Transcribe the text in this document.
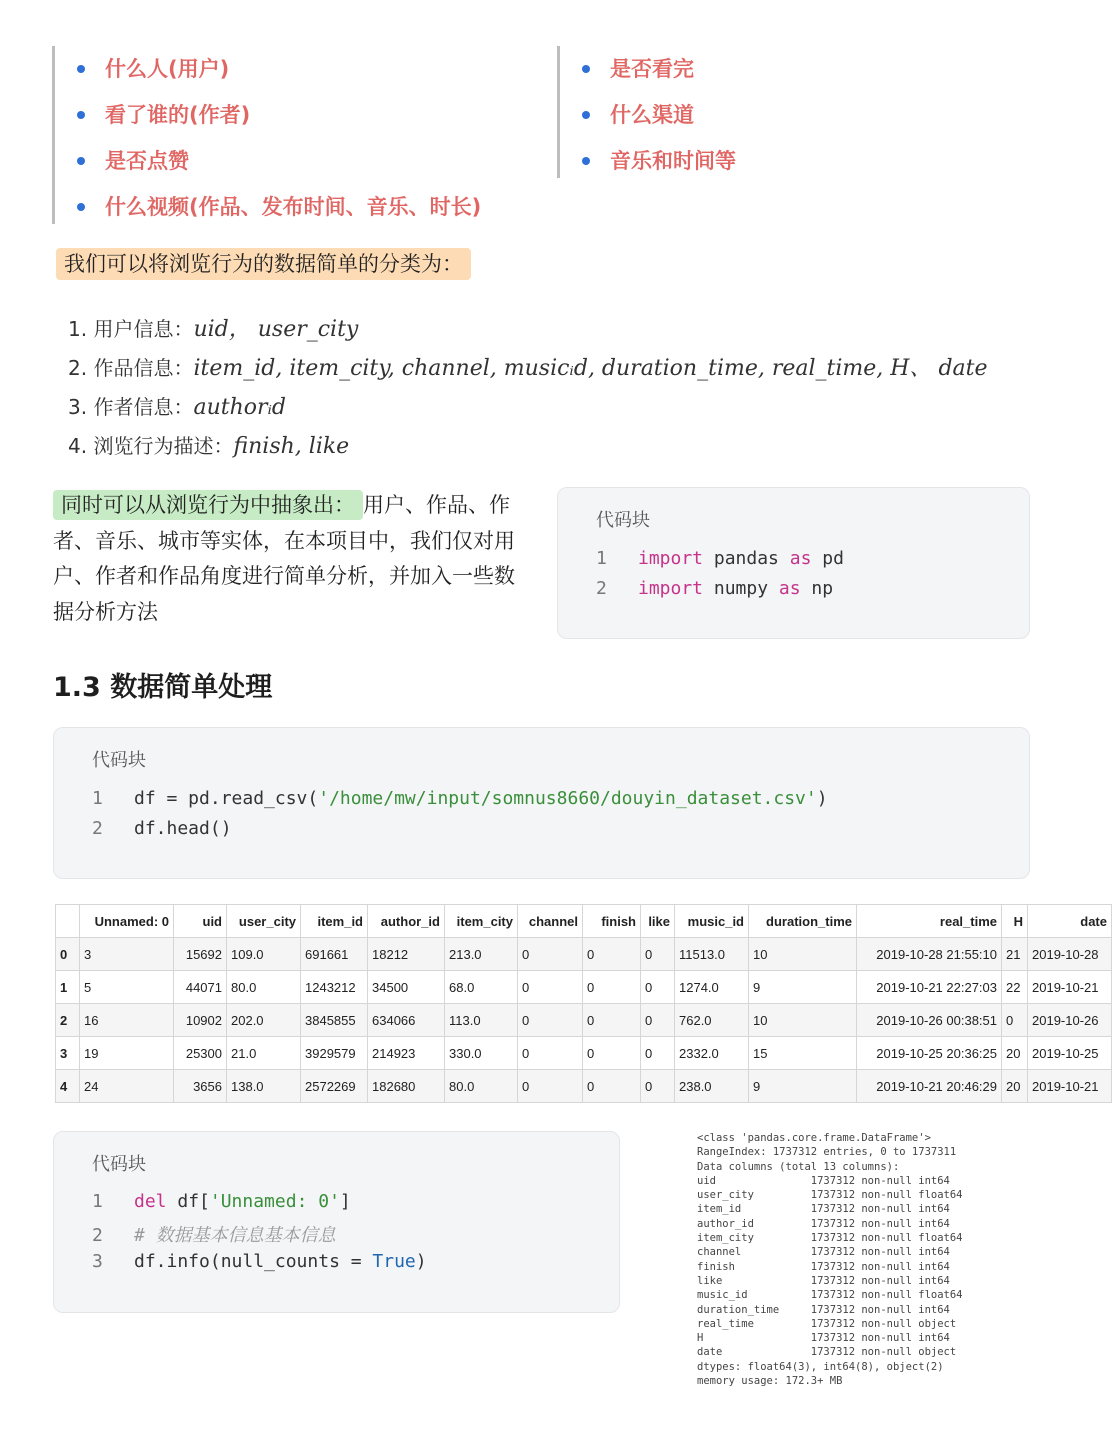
什么人(用户)
看了谁的(作者)
是否点赞
什么视频(作品、发布时间、音乐、时长)
是否看完
什么渠道
音乐和时间等
我们可以将浏览行为的数据简单的分类为：
1. 用户信息：uid， user_city
2. 作品信息：item_id, item_city, channel, musicᵢd, duration_time, real_time, H、 date
3. 作者信息：authorᵢd
4. 浏览行为描述：finish, like
同时可以从浏览行为中抽象出： 用户、作品、作者、音乐、城市等实体，在本项目中，我们仅对用户、作者和作品角度进行简单分析，并加入一些数据分析方法
代码块
1 import pandas as pd
2 import numpy as np
1.3 数据简单处理
代码块
1 df = pd.read_csv('/home/mw/input/somnus8660/douyin_dataset.csv')
2 df.head()
	Unnamed: 0	uid	user_city	item_id	author_id	item_city	channel	finish	like	music_id	duration_time	real_time	H	date
0	3	15692	109.0	691661	18212	213.0	0	0	0	11513.0	10	2019-10-28 21:55:10	21	2019-10-28
1	5	44071	80.0	1243212	34500	68.0	0	0	0	1274.0	9	2019-10-21 22:27:03	22	2019-10-21
2	16	10902	202.0	3845855	634066	113.0	0	0	0	762.0	10	2019-10-26 00:38:51	0	2019-10-26
3	19	25300	21.0	3929579	214923	330.0	0	0	0	2332.0	15	2019-10-25 20:36:25	20	2019-10-25
4	24	3656	138.0	2572269	182680	80.0	0	0	0	238.0	9	2019-10-21 20:46:29	20	2019-10-21
代码块
1 del df['Unnamed: 0']
2 # 数据基本信息基本信息
3 df.info(null_counts = True)
<class 'pandas.core.frame.DataFrame'>
RangeIndex: 1737312 entries, 0 to 1737311
Data columns (total 13 columns):
uid               1737312 non-null int64
user_city         1737312 non-null float64
item_id           1737312 non-null int64
author_id         1737312 non-null int64
item_city         1737312 non-null float64
channel           1737312 non-null int64
finish            1737312 non-null int64
like              1737312 non-null int64
music_id          1737312 non-null float64
duration_time     1737312 non-null int64
real_time         1737312 non-null object
H                 1737312 non-null int64
date              1737312 non-null object
dtypes: float64(3), int64(8), object(2)
memory usage: 172.3+ MB
